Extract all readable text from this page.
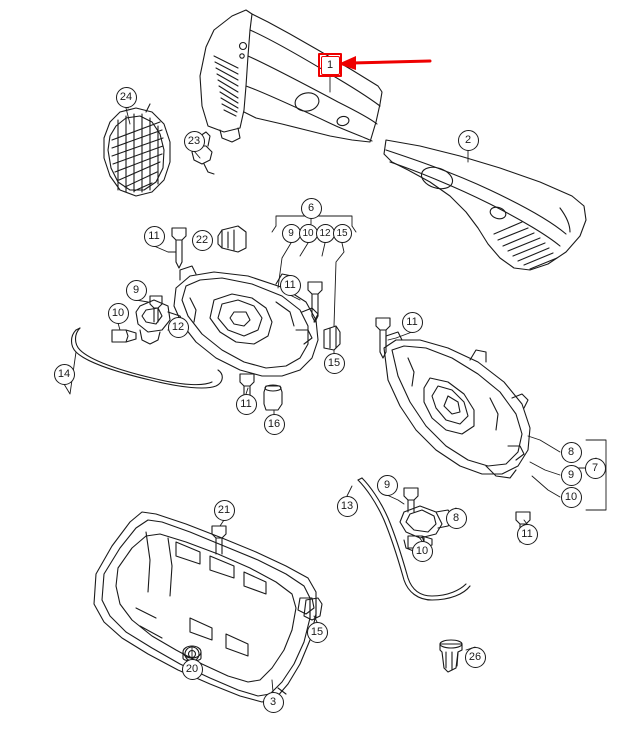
1
2
3
6
7
8
8
9
9
9
9
10
10
10
10
11
11
11
11
11
12
12
13
14
15
15
15
16
20
21
22
23
24
26
